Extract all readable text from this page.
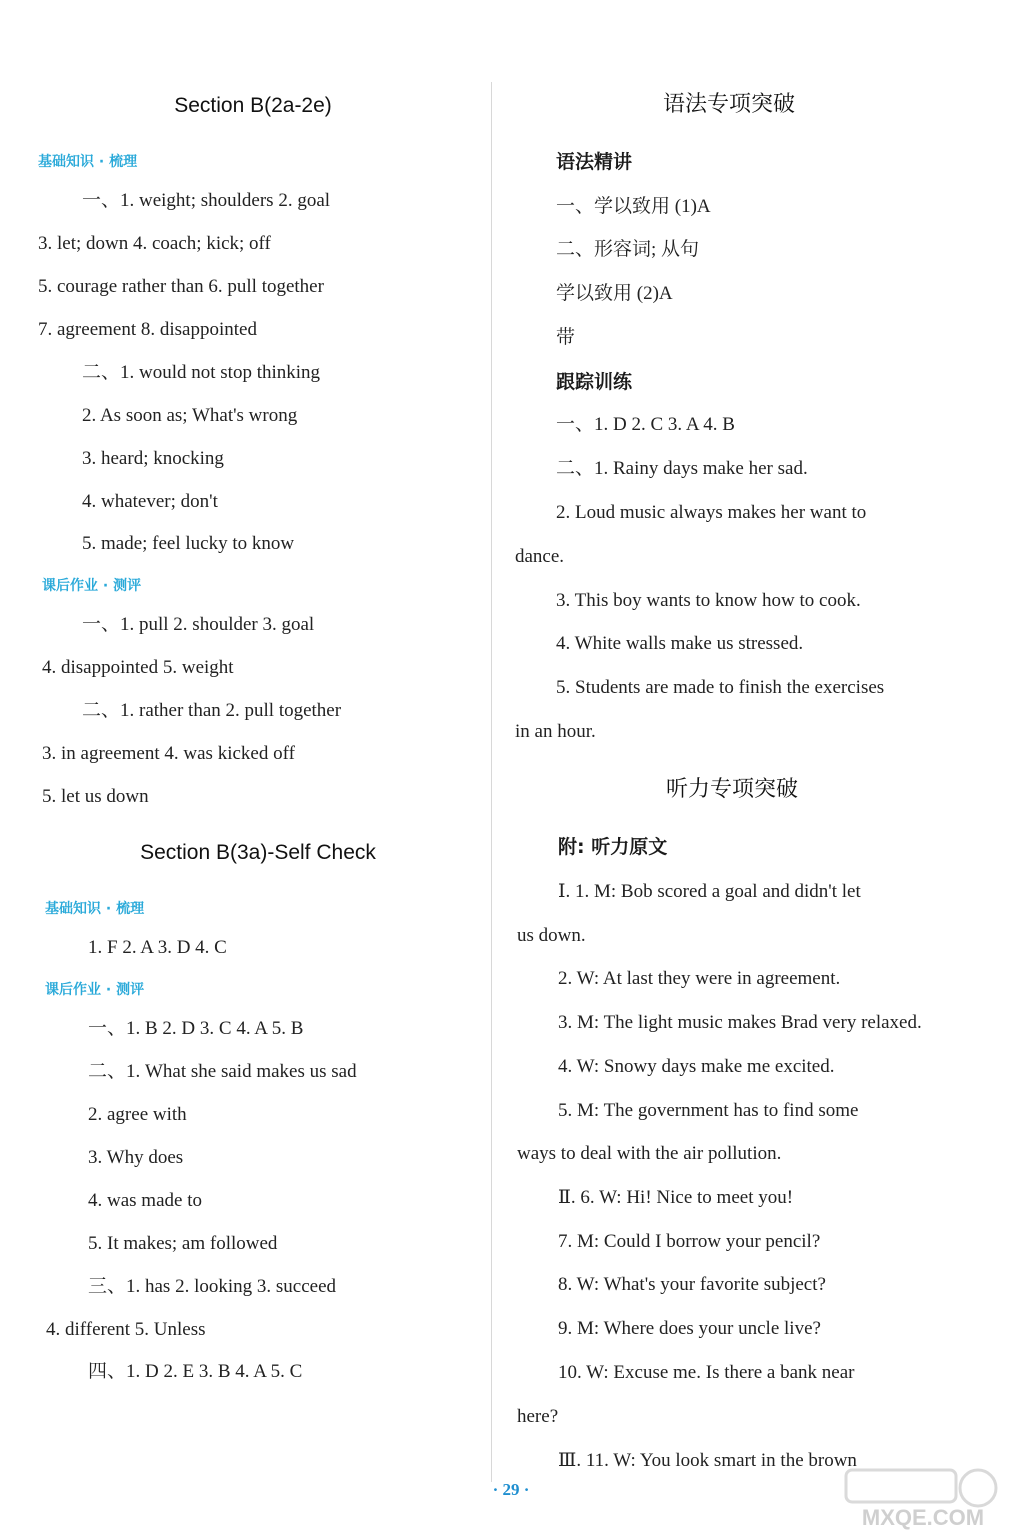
Section B(2a-2e)
基础知识 · 梳理
一、1. weight; shoulders 2. goal
3. let; down 4. coach; kick; off
5. courage rather than 6. pull together
7. agreement 8. disappointed
二、1. would not stop thinking
2. As soon as; What's wrong
3. heard; knocking
4. whatever; don't
5. made; feel lucky to know
课后作业 · 测评
一、1. pull 2. shoulder 3. goal
4. disappointed 5. weight
二、1. rather than 2. pull together
3. in agreement 4. was kicked off
5. let us down
Section B(3a)-Self Check
基础知识 · 梳理
1. F 2. A 3. D 4. C
课后作业 · 测评
一、1. B 2. D 3. C 4. A 5. B
二、1. What she said makes us sad
2. agree with
3. Why does
4. was made to
5. It makes; am followed
三、1. has 2. looking 3. succeed
4. different 5. Unless
四、1. D 2. E 3. B 4. A 5. C
语法专项突破
语法精讲
一、学以致用 (1)A
二、形容词; 从句
学以致用 (2)A
带
跟踪训练
一、1. D 2. C 3. A 4. B
二、1. Rainy days make her sad.
2. Loud music always makes her want to
dance.
3. This boy wants to know how to cook.
4. White walls make us stressed.
5. Students are made to finish the exercises
in an hour.
听力专项突破
附: 听力原文
Ⅰ. 1. M: Bob scored a goal and didn't let
us down.
2. W: At last they were in agreement.
3. M: The light music makes Brad very relaxed.
4. W: Snowy days make me excited.
5. M: The government has to find some
ways to deal with the air pollution.
Ⅱ. 6. W: Hi! Nice to meet you!
7. M: Could I borrow your pencil?
8. W: What's your favorite subject?
9. M: Where does your uncle live?
10. W: Excuse me. Is there a bank near
here?
Ⅲ. 11. W: You look smart in the brown
· 29 ·
MXQE.COM
